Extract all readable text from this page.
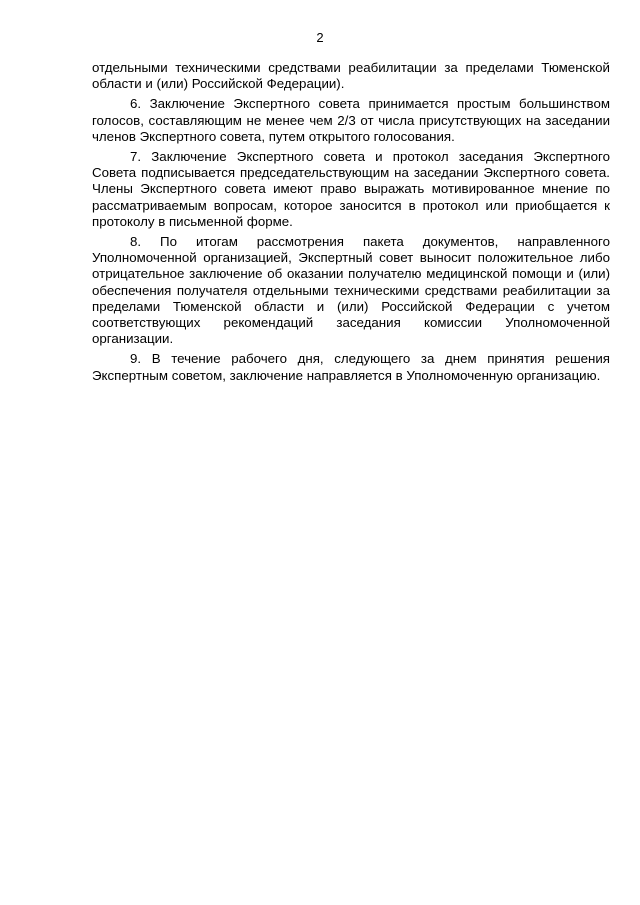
2

отдельными техническими средствами реабилитации за пределами Тюменской области и (или) Российской Федерации).

6. Заключение Экспертного совета принимается простым большинством голосов, составляющим не менее чем 2/3 от числа присутствующих на заседании членов Экспертного совета, путем открытого голосования.

7. Заключение Экспертного совета и протокол заседания Экспертного Совета подписывается председательствующим на заседании Экспертного совета. Члены Экспертного совета имеют право выражать мотивированное мнение по рассматриваемым вопросам, которое заносится в протокол или приобщается к протоколу в письменной форме.

8. По итогам рассмотрения пакета документов, направленного Уполномоченной организацией, Экспертный совет выносит положительное либо отрицательное заключение об оказании получателю медицинской помощи и (или) обеспечения получателя отдельными техническими средствами реабилитации за пределами Тюменской области и (или) Российской Федерации с учетом соответствующих рекомендаций заседания комиссии Уполномоченной организации.

9. В течение рабочего дня, следующего за днем принятия решения Экспертным советом, заключение направляется в Уполномоченную организацию.
